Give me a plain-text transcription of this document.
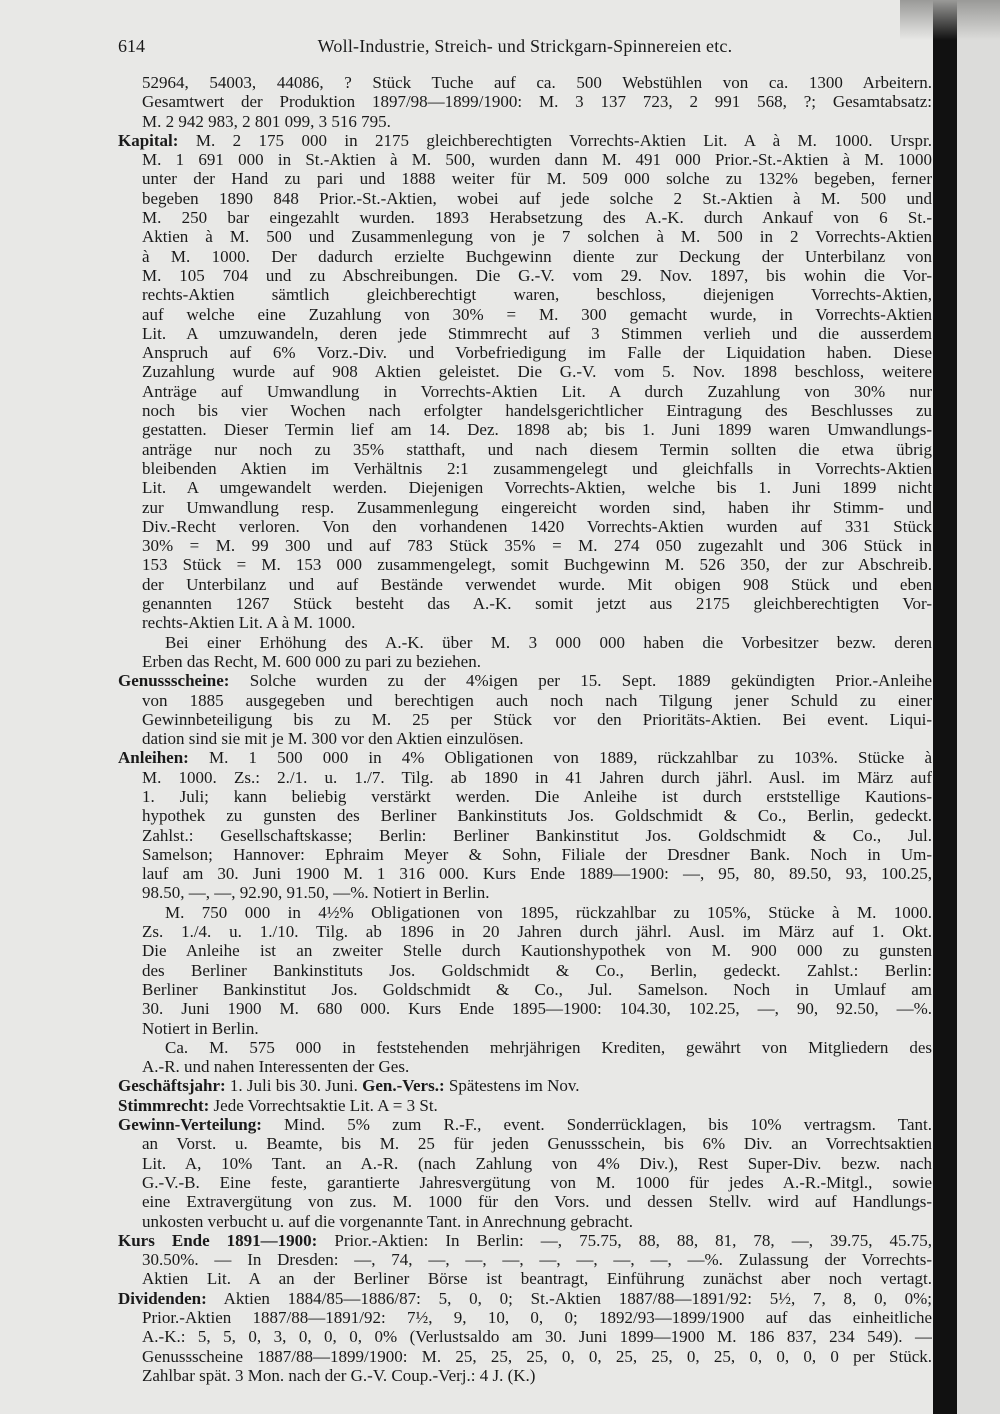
614	Woll-Industrie, Streich- und Strickgarn-Spinnereien etc.
52964, 54003, 44086, ? Stück Tuche auf ca. 500 Webstühlen von ca. 1300 Arbeitern.
Gesamtwert der Produktion 1897/98—1899/1900: M. 3 137 723, 2 991 568, ?; Gesamtabsatz:
M. 2 942 983, 2 801 099, 3 516 795.
Kapital: M. 2 175 000 in 2175 gleichberechtigten Vorrechts-Aktien Lit. A à M. 1000. Urspr.
M. 1 691 000 in St.-Aktien à M. 500, wurden dann M. 491 000 Prior.-St.-Aktien à M. 1000
unter der Hand zu pari und 1888 weiter für M. 509 000 solche zu 132% begeben, ferner
begeben 1890 848 Prior.-St.-Aktien, wobei auf jede solche 2 St.-Aktien à M. 500 und
M. 250 bar eingezahlt wurden. 1893 Herabsetzung des A.-K. durch Ankauf von 6 St.-
Aktien à M. 500 und Zusammenlegung von je 7 solchen à M. 500 in 2 Vorrechts-Aktien
à M. 1000. Der dadurch erzielte Buchgewinn diente zur Deckung der Unterbilanz von
M. 105 704 und zu Abschreibungen. Die G.-V. vom 29. Nov. 1897, bis wohin die Vor-
rechts-Aktien sämtlich gleichberechtigt waren, beschloss, diejenigen Vorrechts-Aktien,
auf welche eine Zuzahlung von 30% = M. 300 gemacht wurde, in Vorrechts-Aktien
Lit. A umzuwandeln, deren jede Stimmrecht auf 3 Stimmen verlieh und die ausserdem
Anspruch auf 6% Vorz.-Div. und Vorbefriedigung im Falle der Liquidation haben. Diese
Zuzahlung wurde auf 908 Aktien geleistet. Die G.-V. vom 5. Nov. 1898 beschloss, weitere
Anträge auf Umwandlung in Vorrechts-Aktien Lit. A durch Zuzahlung von 30% nur
noch bis vier Wochen nach erfolgter handelsgerichtlicher Eintragung des Beschlusses zu
gestatten. Dieser Termin lief am 14. Dez. 1898 ab; bis 1. Juni 1899 waren Umwandlungs-
anträge nur noch zu 35% statthaft, und nach diesem Termin sollten die etwa übrig
bleibenden Aktien im Verhältnis 2:1 zusammengelegt und gleichfalls in Vorrechts-Aktien
Lit. A umgewandelt werden. Diejenigen Vorrechts-Aktien, welche bis 1. Juni 1899 nicht
zur Umwandlung resp. Zusammenlegung eingereicht worden sind, haben ihr Stimm- und
Div.-Recht verloren. Von den vorhandenen 1420 Vorrechts-Aktien wurden auf 331 Stück
30% = M. 99 300 und auf 783 Stück 35% = M. 274 050 zugezahlt und 306 Stück in
153 Stück = M. 153 000 zusammengelegt, somit Buchgewinn M. 526 350, der zur Abschreib.
der Unterbilanz und auf Bestände verwendet wurde. Mit obigen 908 Stück und eben
genannten 1267 Stück besteht das A.-K. somit jetzt aus 2175 gleichberechtigten Vor-
rechts-Aktien Lit. A à M. 1000.
Bei einer Erhöhung des A.-K. über M. 3 000 000 haben die Vorbesitzer bezw. deren
Erben das Recht, M. 600 000 zu pari zu beziehen.
Genussscheine: Solche wurden zu der 4%igen per 15. Sept. 1889 gekündigten Prior.-Anleihe
von 1885 ausgegeben und berechtigen auch noch nach Tilgung jener Schuld zu einer
Gewinnbeteiligung bis zu M. 25 per Stück vor den Prioritäts-Aktien. Bei event. Liqui-
dation sind sie mit je M. 300 vor den Aktien einzulösen.
Anleihen: M. 1 500 000 in 4% Obligationen von 1889, rückzahlbar zu 103%. Stücke à
M. 1000. Zs.: 2./1. u. 1./7. Tilg. ab 1890 in 41 Jahren durch jährl. Ausl. im März auf
1. Juli; kann beliebig verstärkt werden. Die Anleihe ist durch erststellige Kautions-
hypothek zu gunsten des Berliner Bankinstituts Jos. Goldschmidt & Co., Berlin, gedeckt.
Zahlst.: Gesellschaftskasse; Berlin: Berliner Bankinstitut Jos. Goldschmidt & Co., Jul.
Samelson; Hannover: Ephraim Meyer & Sohn, Filiale der Dresdner Bank. Noch in Um-
lauf am 30. Juni 1900 M. 1 316 000. Kurs Ende 1889—1900: —, 95, 80, 89.50, 93, 100.25,
98.50, —, —, 92.90, 91.50, —%. Notiert in Berlin.
M. 750 000 in 4½% Obligationen von 1895, rückzahlbar zu 105%, Stücke à M. 1000.
Zs. 1./4. u. 1./10. Tilg. ab 1896 in 20 Jahren durch jährl. Ausl. im März auf 1. Okt.
Die Anleihe ist an zweiter Stelle durch Kautionshypothek von M. 900 000 zu gunsten
des Berliner Bankinstituts Jos. Goldschmidt & Co., Berlin, gedeckt. Zahlst.: Berlin:
Berliner Bankinstitut Jos. Goldschmidt & Co., Jul. Samelson. Noch in Umlauf am
30. Juni 1900 M. 680 000. Kurs Ende 1895—1900: 104.30, 102.25, —, 90, 92.50, —%.
Notiert in Berlin.
Ca. M. 575 000 in feststehenden mehrjährigen Krediten, gewährt von Mitgliedern des
A.-R. und nahen Interessenten der Ges.
Geschäftsjahr: 1. Juli bis 30. Juni. Gen.-Vers.: Spätestens im Nov.
Stimmrecht: Jede Vorrechtsaktie Lit. A = 3 St.
Gewinn-Verteilung: Mind. 5% zum R.-F., event. Sonderrücklagen, bis 10% vertragsm. Tant.
an Vorst. u. Beamte, bis M. 25 für jeden Genussschein, bis 6% Div. an Vorrechtsaktien
Lit. A, 10% Tant. an A.-R. (nach Zahlung von 4% Div.), Rest Super-Div. bezw. nach
G.-V.-B. Eine feste, garantierte Jahresvergütung von M. 1000 für jedes A.-R.-Mitgl., sowie
eine Extravergütung von zus. M. 1000 für den Vors. und dessen Stellv. wird auf Handlungs-
unkosten verbucht u. auf die vorgenannte Tant. in Anrechnung gebracht.
Kurs Ende 1891—1900: Prior.-Aktien: In Berlin: —, 75.75, 88, 88, 81, 78, —, 39.75, 45.75,
30.50%. — In Dresden: —, 74, —, —, —, —, —, —, —, —%. Zulassung der Vorrechts-
Aktien Lit. A an der Berliner Börse ist beantragt, Einführung zunächst aber noch vertagt.
Dividenden: Aktien 1884/85—1886/87: 5, 0, 0; St.-Aktien 1887/88—1891/92: 5½, 7, 8, 0, 0%;
Prior.-Aktien 1887/88—1891/92: 7½, 9, 10, 0, 0; 1892/93—1899/1900 auf das einheitliche
A.-K.: 5, 5, 0, 3, 0, 0, 0, 0% (Verlustsaldo am 30. Juni 1899—1900 M. 186 837, 234 549). —
Genussscheine 1887/88—1899/1900: M. 25, 25, 25, 0, 0, 25, 25, 0, 25, 0, 0, 0, 0 per Stück.
Zahlbar spät. 3 Mon. nach der G.-V. Coup.-Verj.: 4 J. (K.)
